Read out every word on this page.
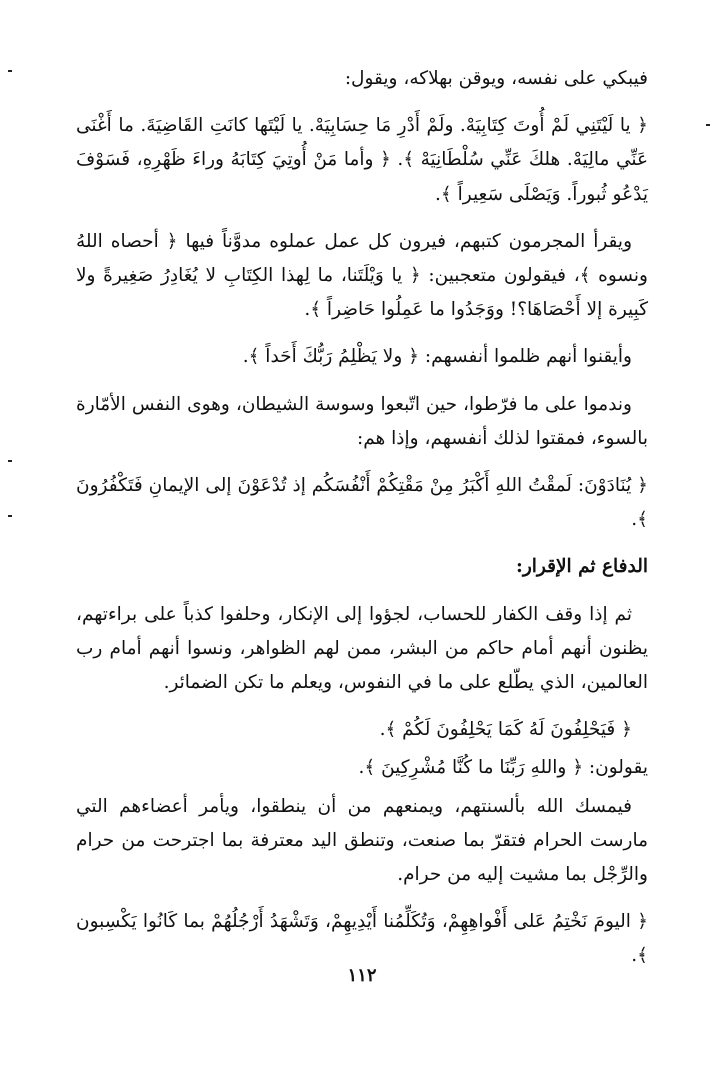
فيبكي على نفسه، ويوقن بهلاكه، ويقول:

﴿ يا لَيْتَنِي لَمْ أُوتَ كِتَابِيَهْ. ولَمْ أَدْرِ مَا حِسَابِيَهْ. يا لَيْتَها كانَتِ القَاضِيَةَ. ما أَغْنَى عَنِّي مالِيَهْ. هلكَ عَنِّي سُلْطَانِيَهْ ﴾. ﴿ وأما مَنْ أُوتِيَ كِتَابَهُ وراءَ ظَهْرِهِ، فَسَوْفَ يَدْعُو ثُبوراً. وَيَصْلَى سَعِيراً ﴾.

ويقرأ المجرمون كتبهم، فيرون كل عمل عملوه مدوَّناً فيها ﴿ أحصاه اللهُ ونسوه ﴾، فيقولون متعجبين: ﴿ يا وَيْلَتَنا، ما لِهذا الكِتَابِ لا يُغَادِرُ صَغِيرةً ولا كَبِيرة إلا أَحْصَاهَا؟! ووَجَدُوا ما عَمِلُوا حَاضِراً ﴾.

وأيقنوا أنهم ظلموا أنفسهم: ﴿ ولا يَظْلِمُ رَبُّكَ أَحَداً ﴾.

وندموا على ما فرّطوا، حين اتّبعوا وسوسة الشيطان، وهوى النفس الأمّارة بالسوء، فمقتوا لذلك أنفسهم، وإذا هم:

﴿ يُنَادَوْنَ: لَمقْتُ اللهِ أَكْبَرُ مِنْ مَقْتِكُمْ أَنْفُسَكُم إذ تُدْعَوْنَ إلى الإيمانِ فَتَكْفُرُونَ ﴾.

الدفاع ثم الإقرار:

ثم إذا وقف الكفار للحساب، لجؤوا إلى الإنكار، وحلفوا كذباً على براءتهم، يظنون أنهم أمام حاكم من البشر، ممن لهم الظواهر، ونسوا أنهم أمام رب العالمين، الذي يطّلع على ما في النفوس، ويعلم ما تكن الضمائر.

﴿ فَيَحْلِفُونَ لَهُ كَمَا يَحْلِفُونَ لَكُمْ ﴾.

يقولون: ﴿ واللهِ رَبِّنَا ما كُنَّا مُشْرِكِينَ ﴾.

فيمسك الله بألسنتهم، ويمنعهم من أن ينطقوا، ويأمر أعضاءهم التي مارست الحرام فتقرّ بما صنعت، وتنطق اليد معترفة بما اجترحت من حرام والرِّجْل بما مشيت إليه من حرام.

﴿ اليومَ نَخْتِمُ عَلى أَفْواهِهِمْ، وَتُكَلِّمُنا أَيْدِيهِمْ، وَتَشْهَدُ أَرْجُلُهُمْ بما كَانُوا يَكْسِبون ﴾.

١١٢
